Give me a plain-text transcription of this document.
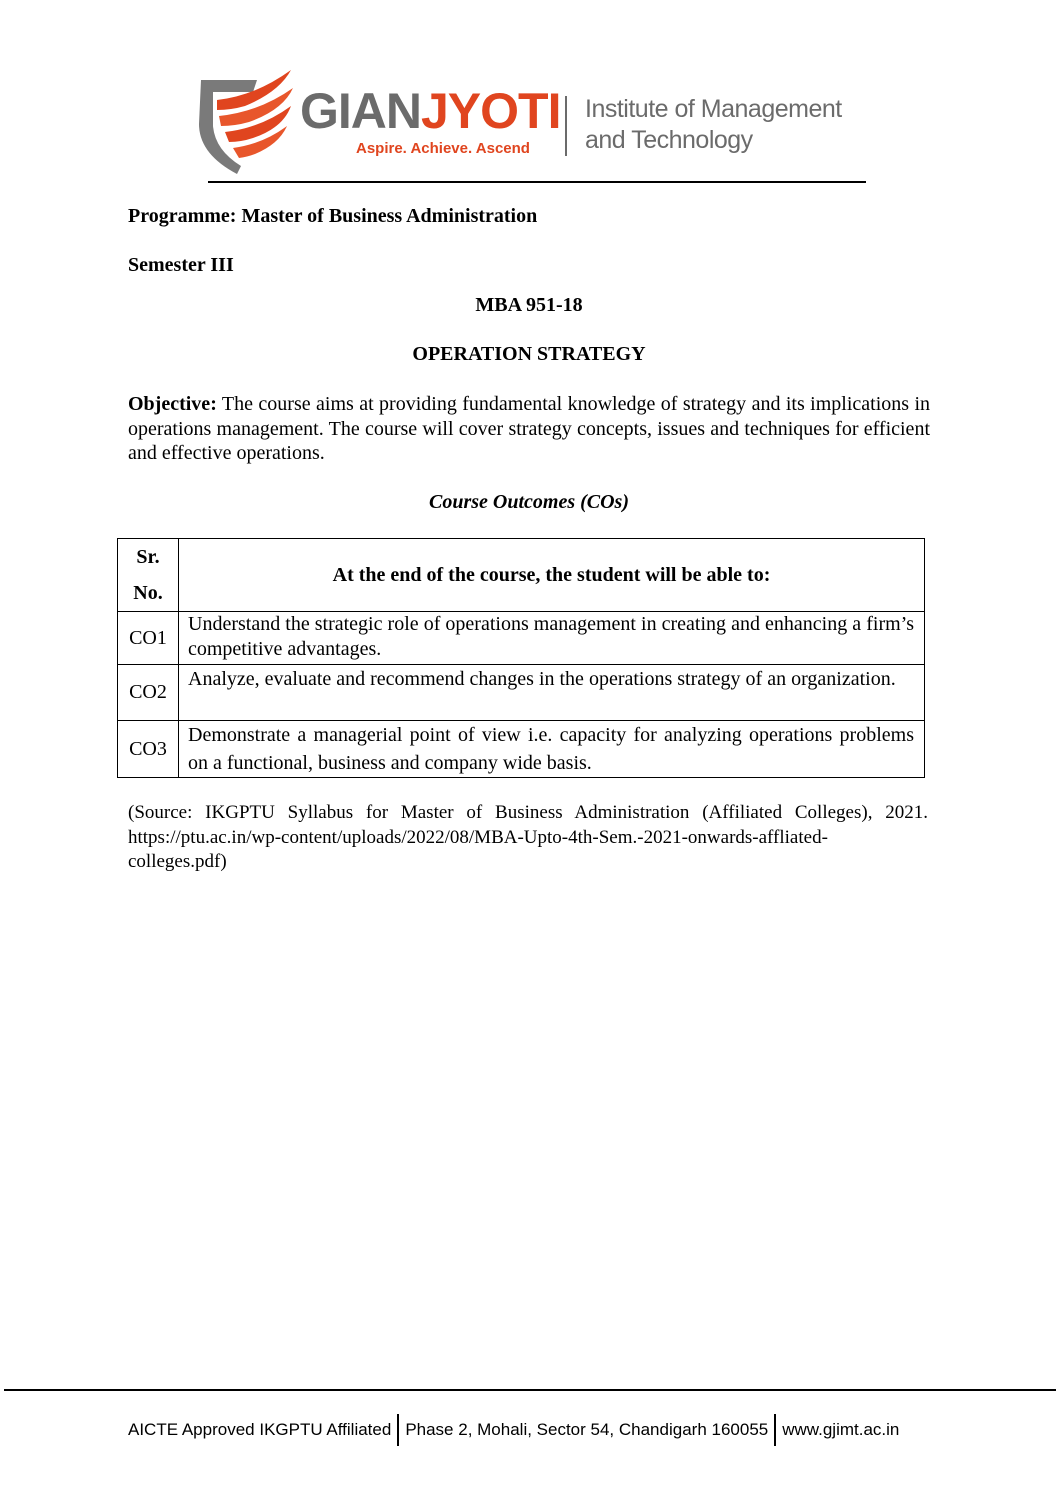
GIANJYOTI
Aspire. Achieve. Ascend
Institute of Management
and Technology
Programme: Master of Business Administration
Semester III
MBA 951-18
OPERATION STRATEGY
Objective: The course aims at providing fundamental knowledge of strategy and its implications in operations management. The course will cover strategy concepts, issues and techniques for efficient and effective operations.
Course Outcomes (COs)
Sr.
No.	At the end of the course, the student will be able to:
CO1	Understand the strategic role of operations management in creating and enhancing a firm’s competitive advantages.
CO2	Analyze, evaluate and recommend changes in the operations strategy of an organization.
CO3	Demonstrate a managerial point of view i.e. capacity for analyzing operations problems on a functional, business and company wide basis.
(Source: IKGPTU Syllabus for Master of Business Administration (Affiliated Colleges), 2021.
https://ptu.ac.in/wp-content/uploads/2022/08/MBA-Upto-4th-Sem.-2021-onwards-affliated-
colleges.pdf)
AICTE Approved IKGPTU Affiliated Phase 2, Mohali, Sector 54, Chandigarh 160055 www.gjimt.ac.in
